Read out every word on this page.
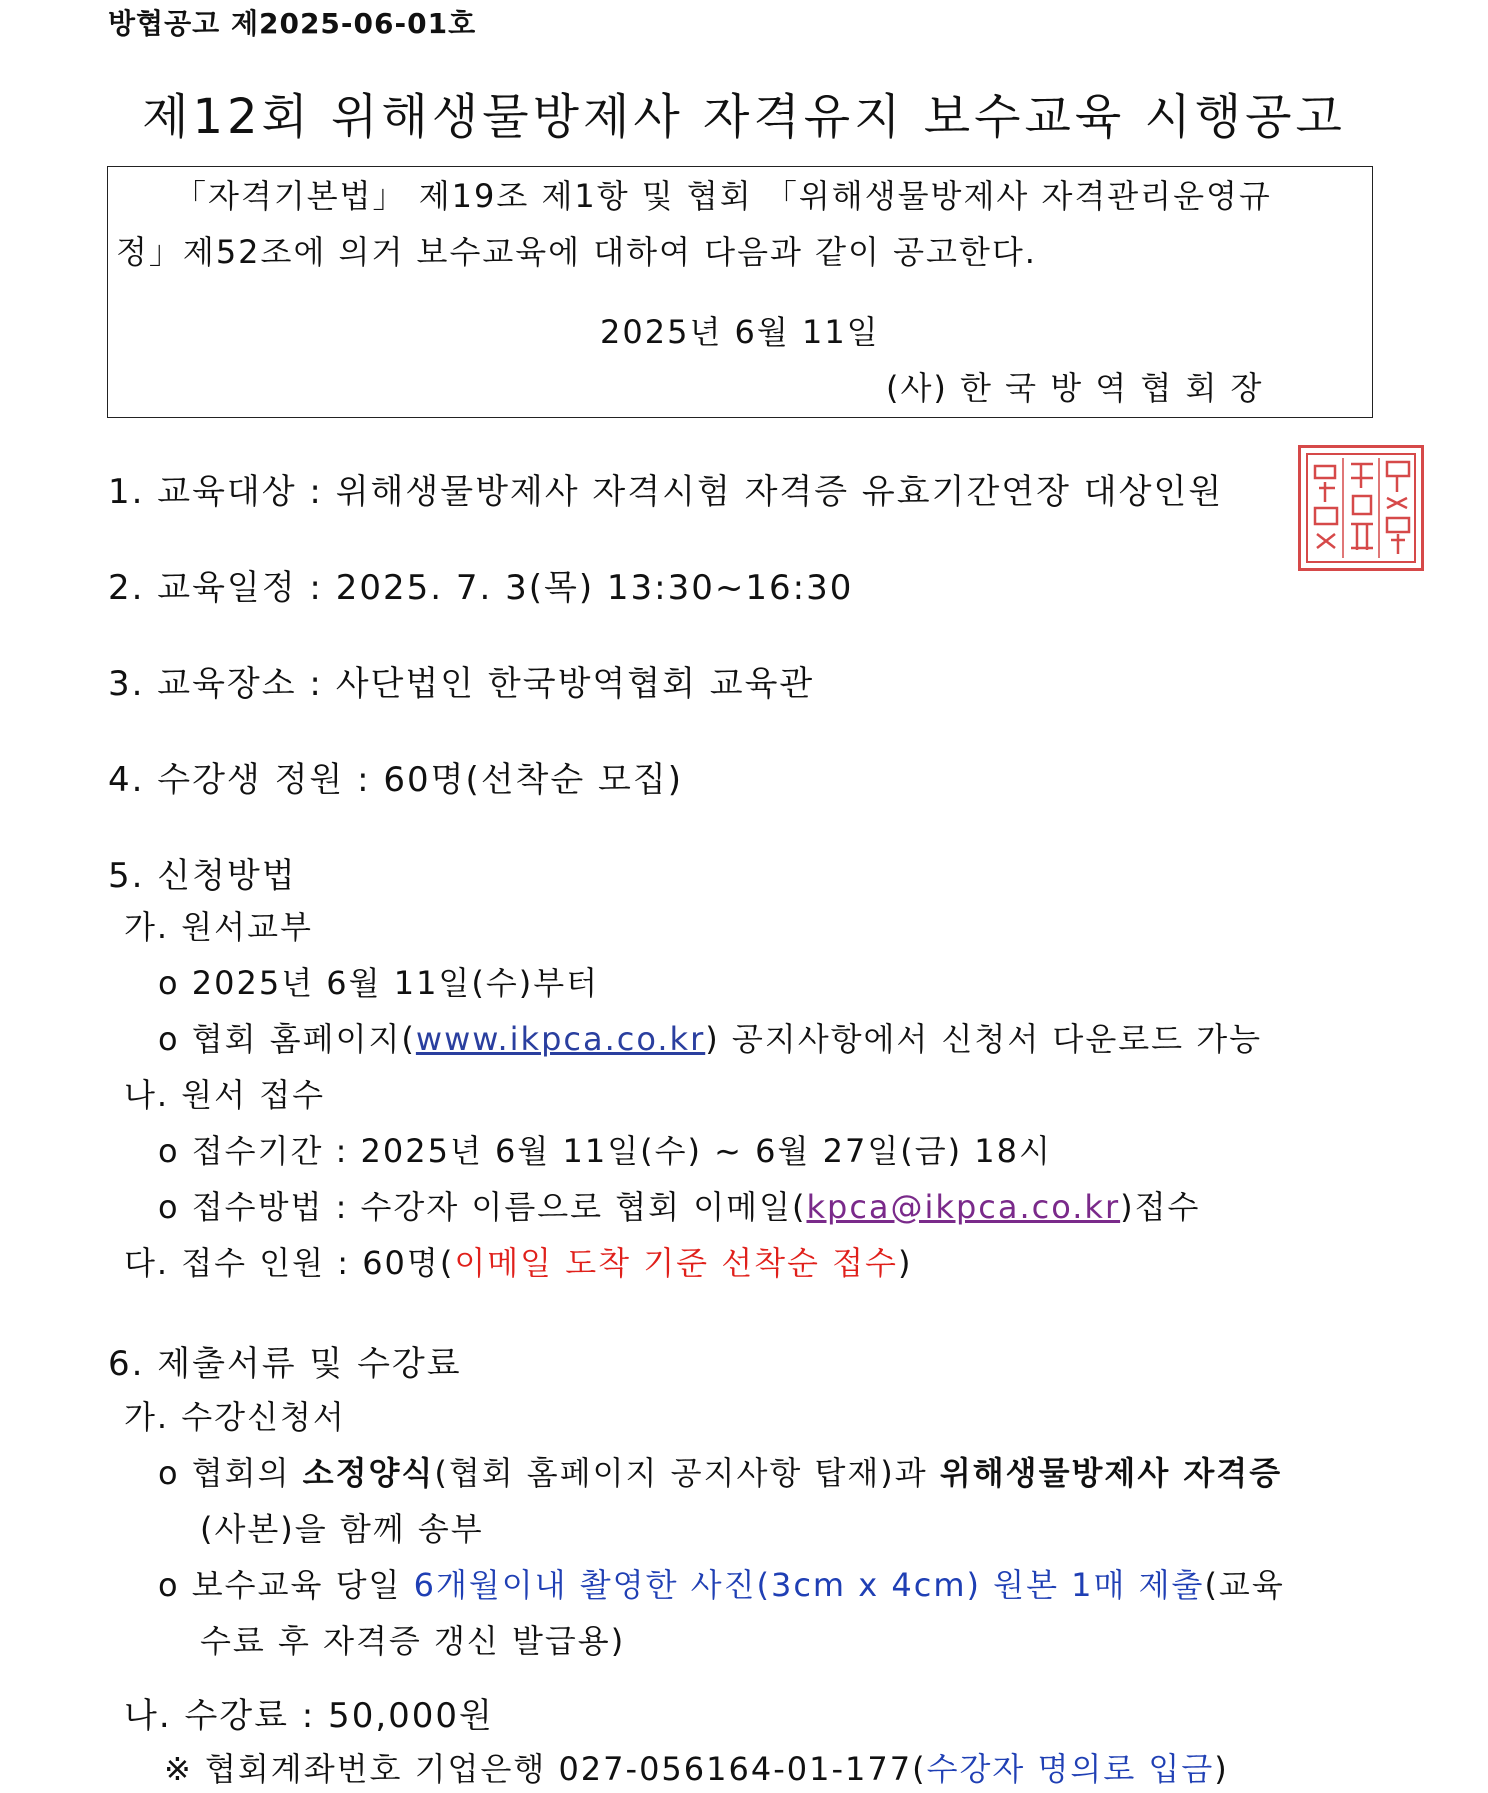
방협공고 제2025-06-01호
제12회 위해생물방제사 자격유지 보수교육 시행공고
「자격기본법」 제19조 제1항 및 협회 「위해생물방제사 자격관리운영규
정」제52조에 의거 보수교육에 대하여 다음과 같이 공고한다.
2025년 6월 11일
(사) 한 국 방 역 협 회 장
1. 교육대상 : 위해생물방제사 자격시험 자격증 유효기간연장 대상인원
2. 교육일정 : 2025. 7. 3(목) 13:30~16:30
3. 교육장소 : 사단법인 한국방역협회 교육관
4. 수강생 정원 : 60명(선착순 모집)
5. 신청방법
가. 원서교부
o 2025년 6월 11일(수)부터
o 협회 홈페이지(www.ikpca.co.kr) 공지사항에서 신청서 다운로드 가능
나. 원서 접수
o 접수기간 : 2025년 6월 11일(수) ~ 6월 27일(금) 18시
o 접수방법 : 수강자 이름으로 협회 이메일(kpca@ikpca.co.kr)접수
다. 접수 인원 : 60명(이메일 도착 기준 선착순 접수)
6. 제출서류 및 수강료
가. 수강신청서
o 협회의 소정양식(협회 홈페이지 공지사항 탑재)과 위해생물방제사 자격증
(사본)을 함께 송부
o 보수교육 당일 6개월이내 촬영한 사진(3cm x 4cm) 원본 1매 제출(교육
수료 후 자격증 갱신 발급용)
나. 수강료 : 50,000원
※ 협회계좌번호 기업은행 027-056164-01-177(수강자 명의로 입금)
